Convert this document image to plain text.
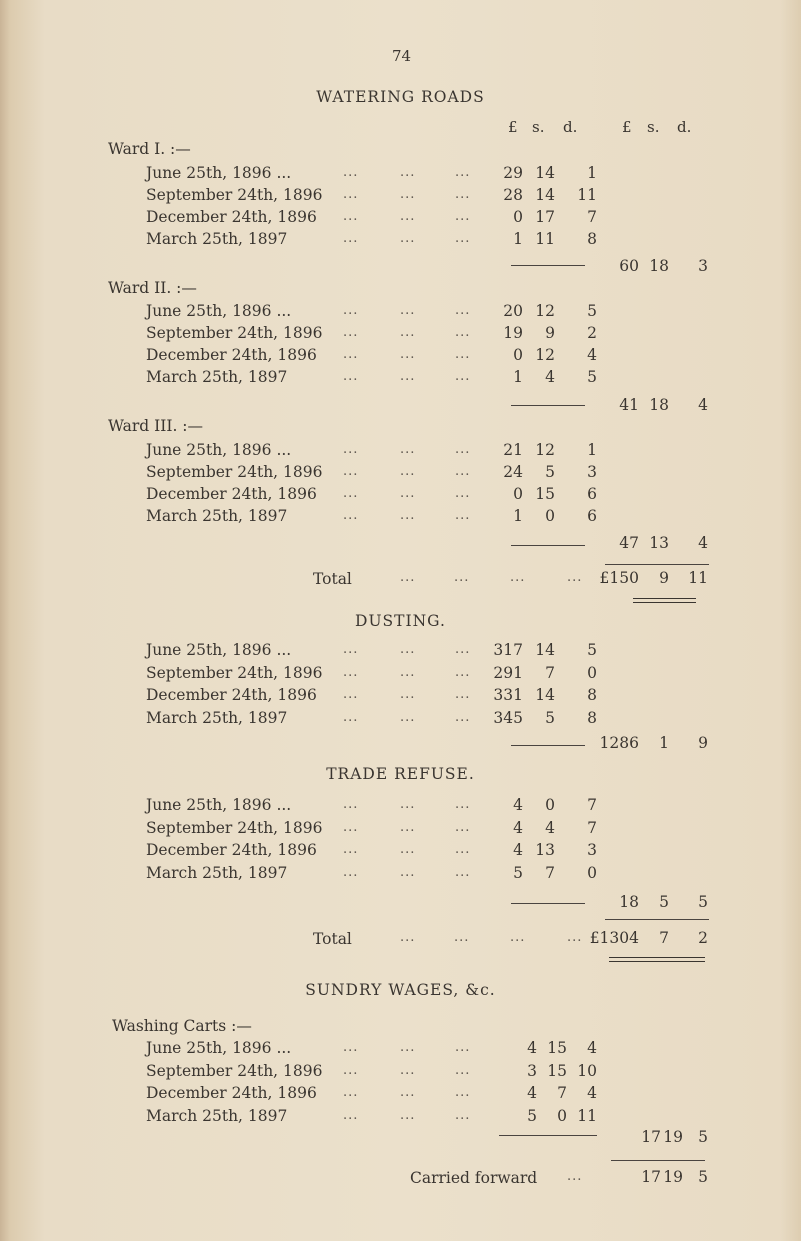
74
WATERING ROADS
£ s. d.	£ s. d.
Ward I. :—
June 25th, 1896 ...	...	...	... 29 14 1
September 24th, 1896 ...	...	... 28 14 11
December 24th, 1896 ...	...	...	0 17 7
March 25th, 1897	...	...	...	1 11 8
60 18 3
Ward II. :—
June 25th, 1896 ...	...	...	... 20 12 5
September 24th, 1896 ...	...	... 19 9 2
December 24th, 1896 ...	...	...	0 12 4
March 25th, 1897	...	...	...	1 4 5
41 18 4
Ward III. :—
June 25th, 1896 ...	...	...	... 21 12 1
September 24th, 1896 ...	...	... 24 5 3
December 24th, 1896 ...	...	...	0 15 6
March 25th, 1897	...	...	...	1 0 6
47 13 4
Total	...	...	...	... £150 9 11
June 25th, 1896 ...	...	...	... 317 14 5
September 24th, 1896 ...	...	... 291 7 0
December 24th, 1896 ...	...	... 331 14 8
March 25th, 1897	...	...	... 345 5 8
1286 1 9
June 25th, 1896 ...	...	...	...	4 0 7
September 24th, 1896 ...	...	...	4 4 7
December 24th, 1896 ...	...	...	4 13 3
March 25th, 1897	...	...	...	5 7 0
18 5 5
Total	...	...	...	... £1304 7 2
Washing Carts :—
June 25th, 1896 ...	...	...	...	4 15 4
September 24th, 1896 ...	...	...	3 15 10
December 24th, 1896 ...	...	...	4 7 4
March 25th, 1897	...	...	...	5 0 11
17 19 5
Carried forward ...	17 19 5
DUSTING.
TRADE REFUSE.
SUNDRY WAGES, &c.
